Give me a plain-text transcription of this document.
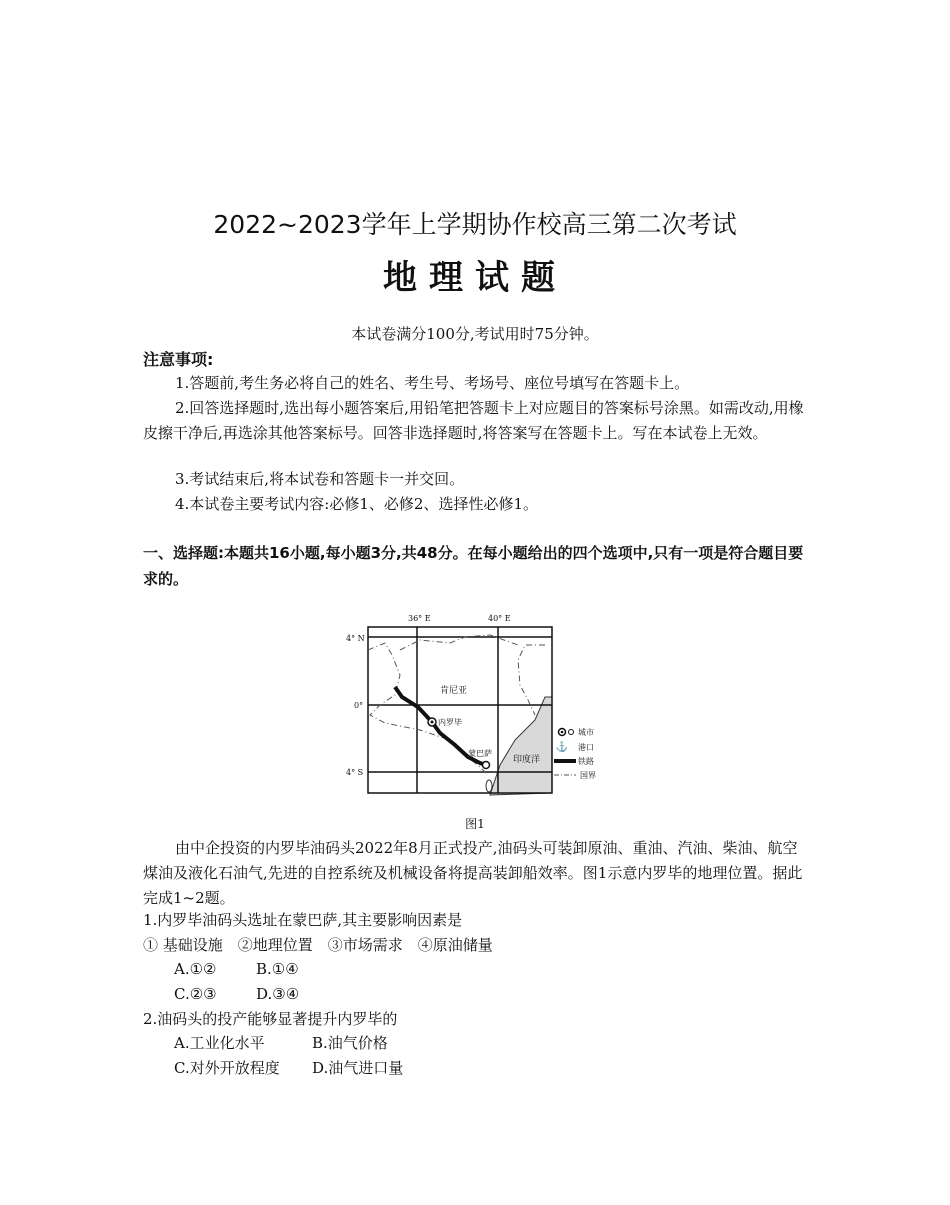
2022~2023学年上学期协作校高三第二次考试
地理试题
本试卷满分100分,考试用时75分钟。
注意事项:
1.答题前,考生务必将自己的姓名、考生号、考场号、座位号填写在答题卡上。
2.回答选择题时,选出每小题答案后,用铅笔把答题卡上对应题目的答案标号涂黑。如需改动,用橡皮擦干净后,再选涂其他答案标号。回答非选择题时,将答案写在答题卡上。写在本试卷上无效。
3.考试结束后,将本试卷和答题卡一并交回。
4.本试卷主要考试内容:必修1、必修2、选择性必修1。
一、选择题:本题共16小题,每小题3分,共48分。在每小题给出的四个选项中,只有一项是符合题目要求的。
36° E	40° E
4° N
0°
4° S
肯尼亚
内罗毕
蒙巴萨
印度洋
城市
⚓ 港口
铁路
国界
图1
由中企投资的内罗毕油码头2022年8月正式投产,油码头可装卸原油、重油、汽油、柴油、航空煤油及液化石油气,先进的自控系统及机械设备将提高装卸船效率。图1示意内罗毕的地理位置。据此完成1~2题。
1.内罗毕油码头选址在蒙巴萨,其主要影响因素是
① 基础设施　②地理位置　③市场需求　④原油储量
A.①②	B.①④
C.②③	D.③④
2.油码头的投产能够显著提升内罗毕的
A.工业化水平	B.油气价格
C.对外开放程度 D.油气进口量
